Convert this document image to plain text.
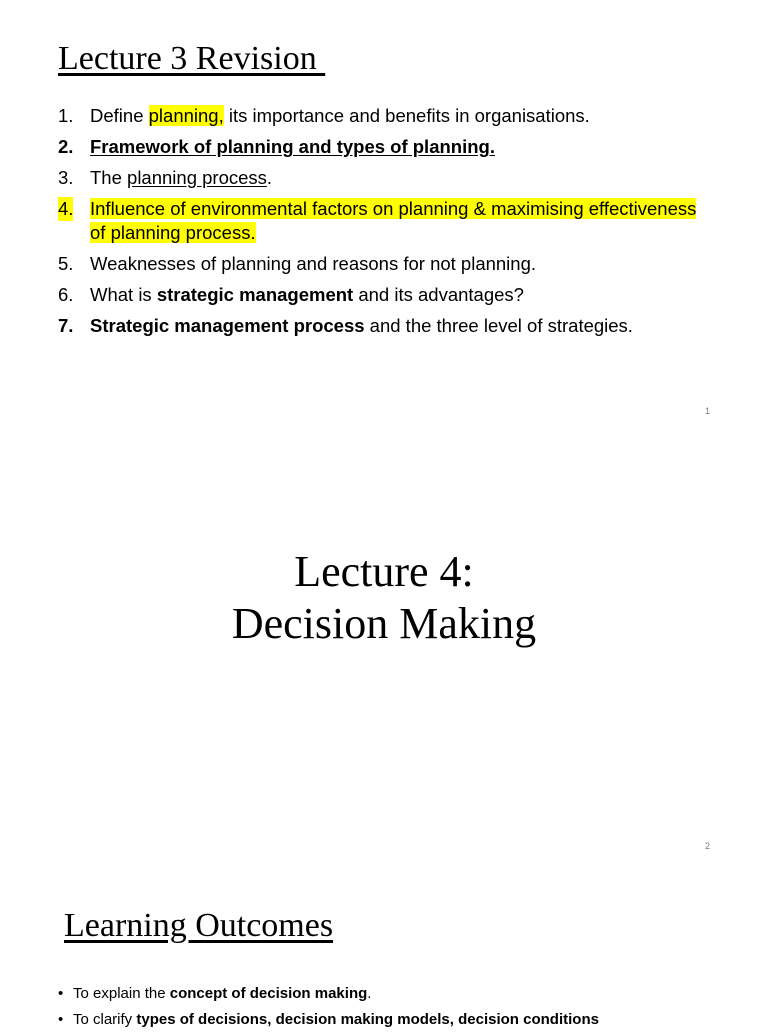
Lecture 3 Revision
1. Define planning, its importance and benefits in organisations.
2. Framework of planning and types of planning.
3. The planning process.
4. Influence of environmental factors on planning & maximising effectiveness of planning process.
5. Weaknesses of planning and reasons for not planning.
6. What is strategic management and its advantages?
7. Strategic management process and the three level of strategies.
1
Lecture 4:
Decision Making
2
Learning Outcomes
• To explain the concept of decision making.
• To clarify types of decisions, decision making models, decision conditions
